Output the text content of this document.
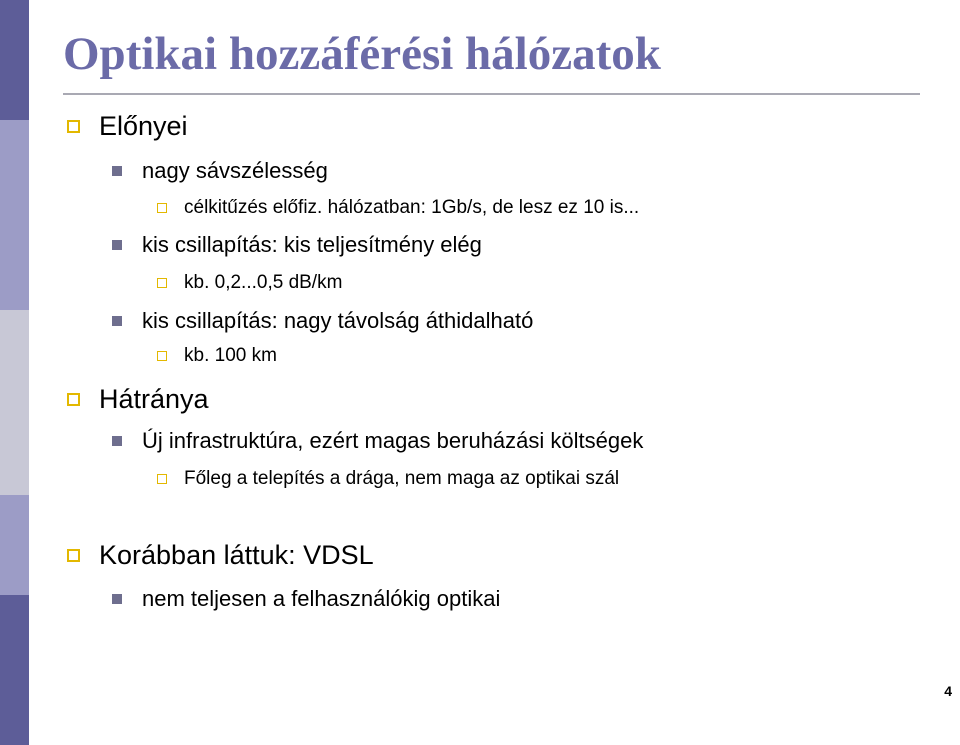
Optikai hozzáférési hálózatok
Előnyei
nagy sávszélesség
célkitűzés előfiz. hálózatban: 1Gb/s, de lesz ez 10 is...
kis csillapítás: kis teljesítmény elég
kb. 0,2...0,5 dB/km
kis csillapítás: nagy távolság áthidalható
kb. 100 km
Hátránya
Új infrastruktúra, ezért magas beruházási költségek
Főleg a telepítés a drága, nem maga az optikai szál
Korábban láttuk: VDSL
nem teljesen a felhasználókig optikai
4
